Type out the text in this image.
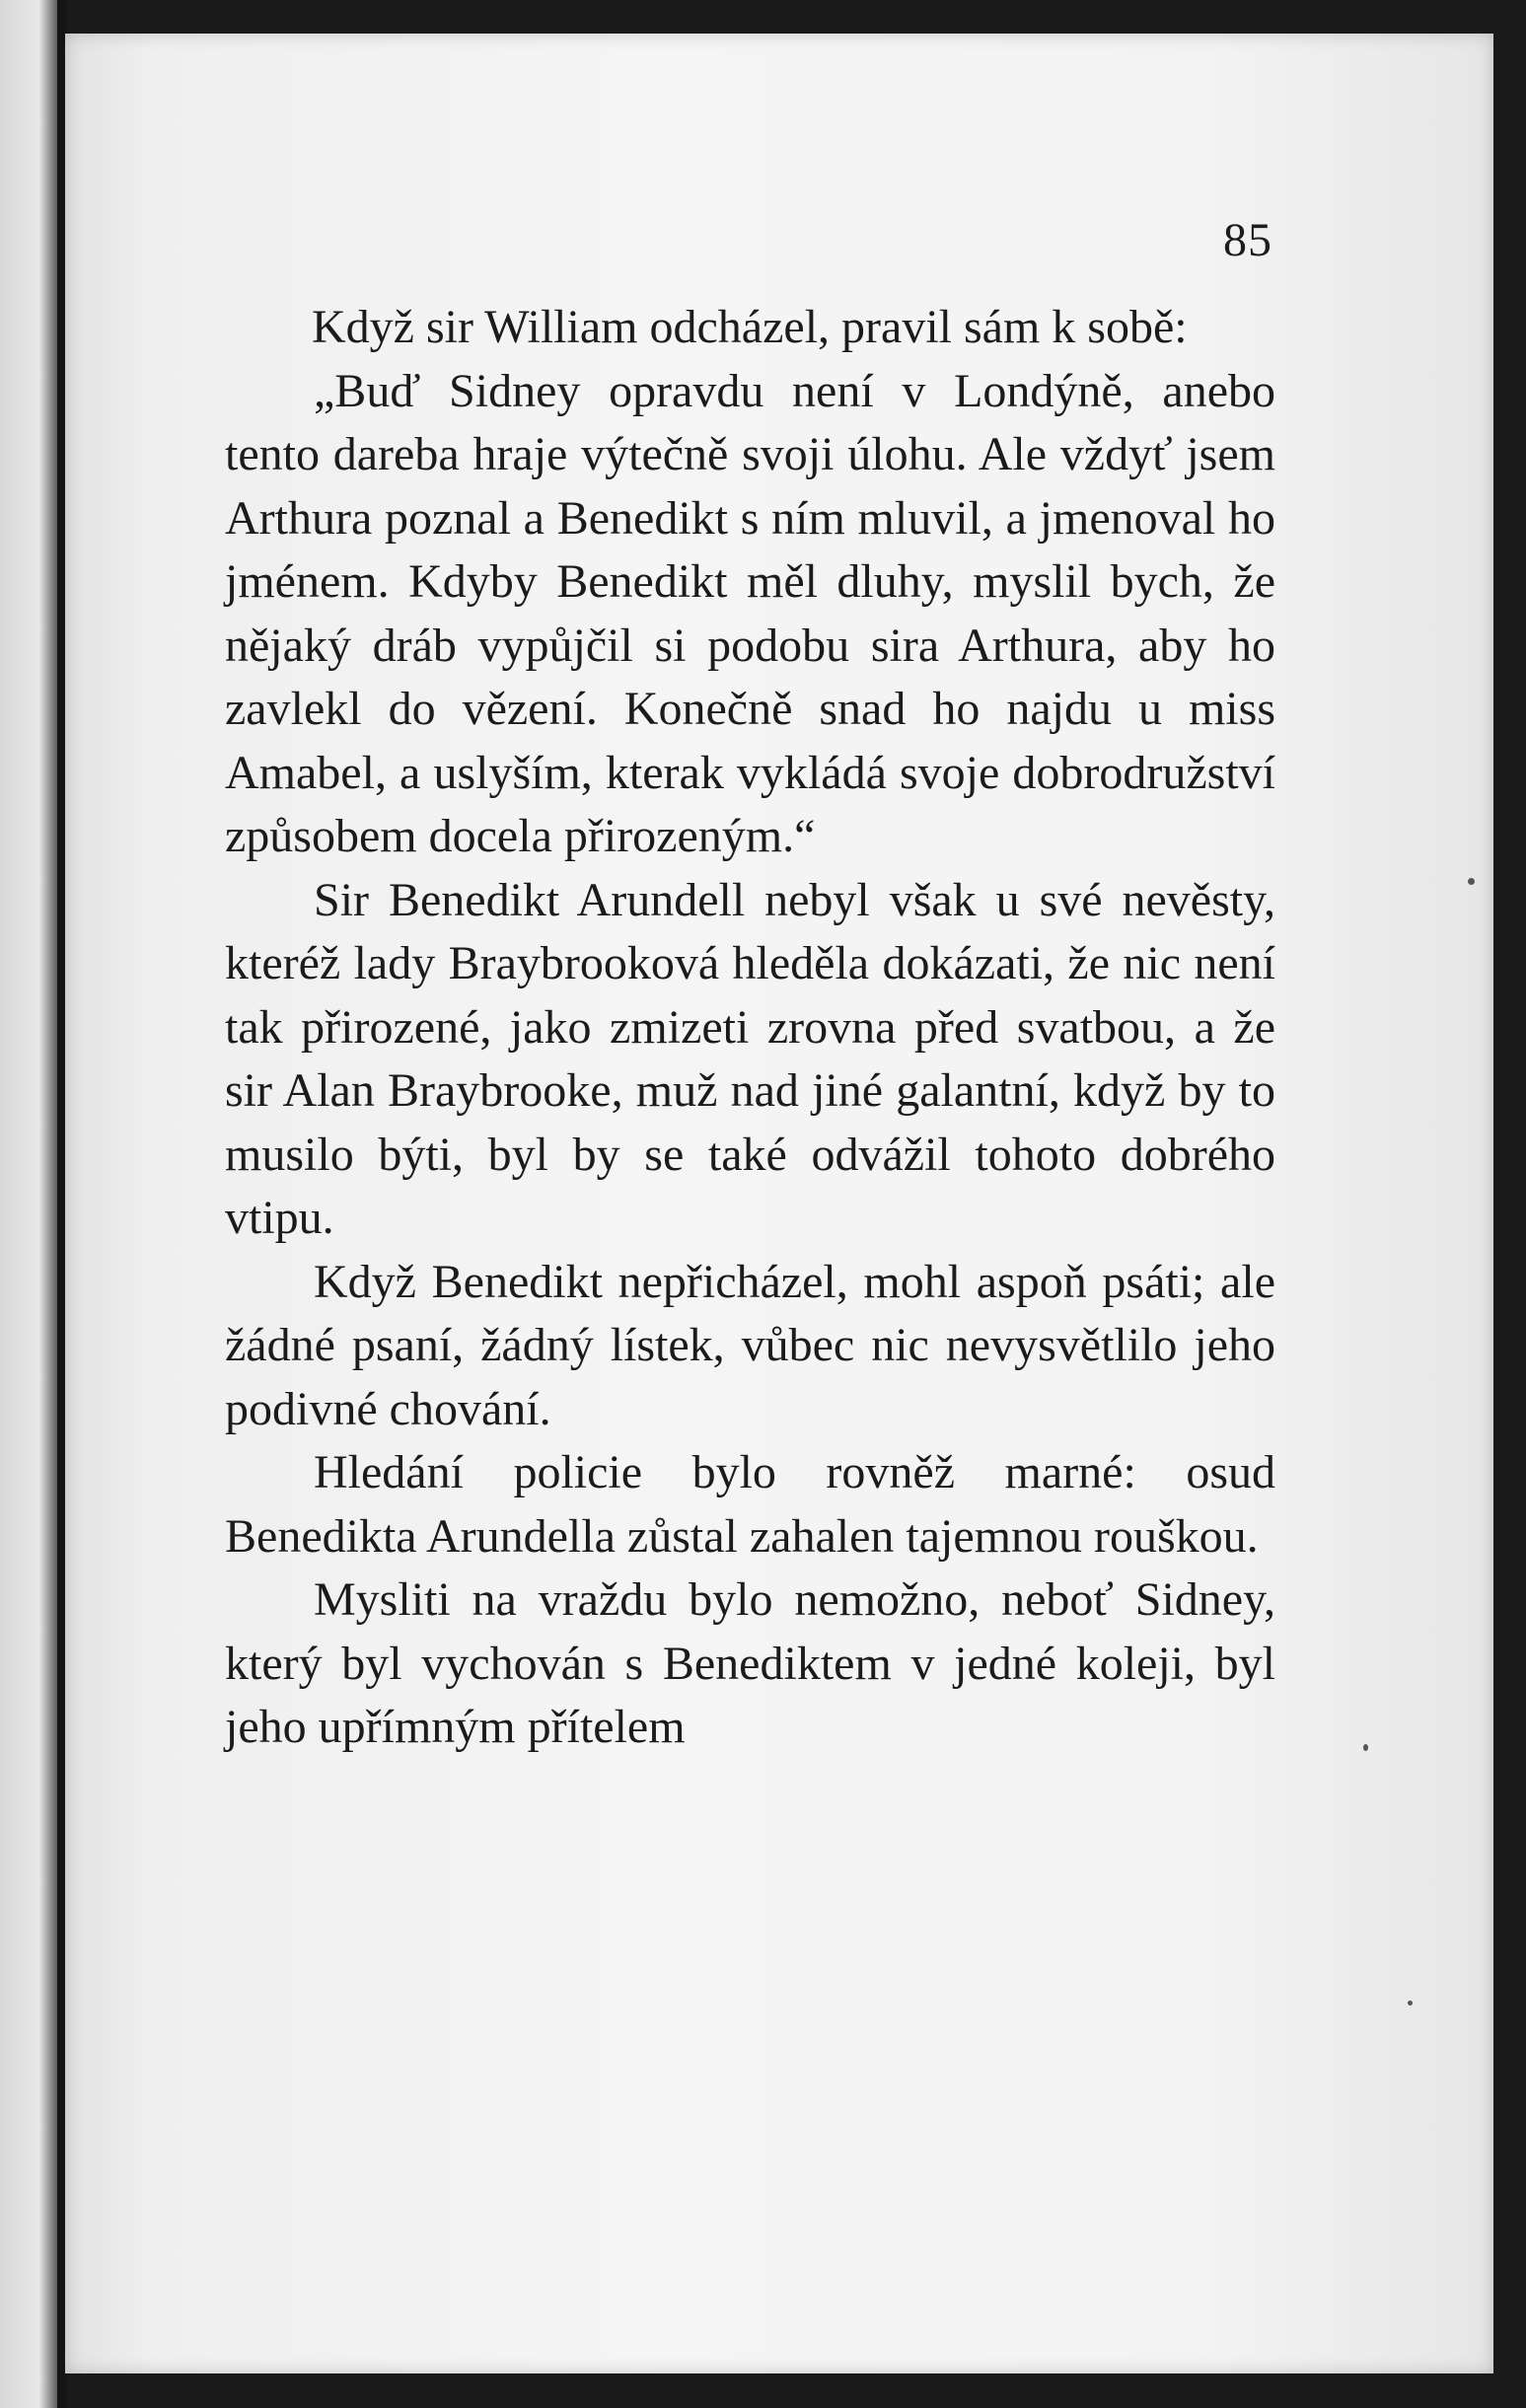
85

Když sir William odcházel, pravil sám k sobě:

„Buď Sidney opravdu není v Londýně, anebo tento dareba hraje výtečně svoji úlohu. Ale vždyť jsem Arthura poznal a Benedikt s ním mluvil, a jmenoval ho jménem. Kdyby Benedikt měl dluhy, myslil bych, že nějaký dráb vypůjčil si podobu sira Arthura, aby ho zavlekl do vězení. Konečně snad ho najdu u miss Amabel, a uslyším, kterak vykládá svoje dobrodružství způsobem docela přirozeným.“

Sir Benedikt Arundell nebyl však u své nevěsty, kteréž lady Braybrooková hleděla dokázati, že nic není tak přirozené, jako zmizeti zrovna před svatbou, a že sir Alan Braybrooke, muž nad jiné galantní, když by to musilo býti, byl by se také odvážil tohoto dobrého vtipu.

Když Benedikt nepřicházel, mohl aspoň psáti; ale žádné psaní, žádný lístek, vůbec nic nevysvětlilo jeho podivné chování.

Hledání policie bylo rovněž marné: osud Benedikta Arundella zůstal zahalen tajemnou rouškou.

Mysliti na vraždu bylo nemožno, neboť Sidney, který byl vychován s Benediktem v jedné koleji, byl jeho upřímným přítelem
